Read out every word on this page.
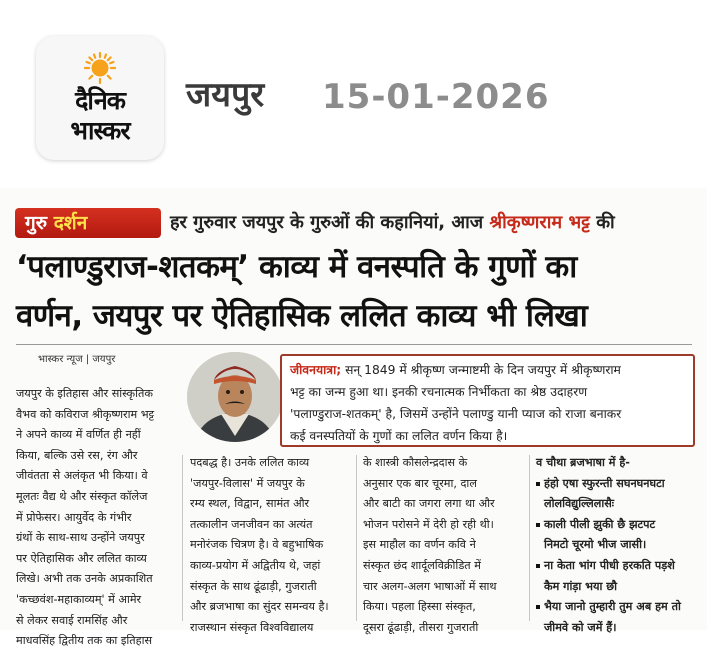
दैनिक
भास्कर
जयपुर 15-01-2026
गुरु दर्शन	हर गुरुवार जयपुर के गुरुओं की कहानियां, आज श्रीकृष्णराम भट्ट की
‘पलाण्डुराज-शतकम्’ काव्य में वनस्पति के गुणों का
वर्णन, जयपुर पर ऐतिहासिक ललित काव्य भी लिखा
भास्कर न्यूज | जयपुर
जीवनयात्रा; सन् 1849 में श्रीकृष्ण जन्माष्टमी के दिन जयपुर में श्रीकृष्णराम
भट्ट का जन्म हुआ था। इनकी रचनात्मक निर्भीकता का श्रेष्ठ उदाहरण
'पलाण्डुराज-शतकम्' है, जिसमें उन्होंने पलाण्डु यानी प्याज को राजा बनाकर
कई वनस्पतियों के गुणों का ललित वर्णन किया है।
जयपुर के इतिहास और सांस्कृतिक
वैभव को कविराज श्रीकृष्णराम भट्ट
ने अपने काव्य में वर्णित ही नहीं
किया, बल्कि उसे रस, रंग और
जीवंतता से अलंकृत भी किया। वे
मूलतः वैद्य थे और संस्कृत कॉलेज
में प्रोफेसर। आयुर्वेद के गंभीर
ग्रंथों के साथ-साथ उन्होंने जयपुर
पर ऐतिहासिक और ललित काव्य
लिखे। अभी तक उनके अप्रकाशित
'कच्छवंश-महाकाव्यम्' में आमेर
से लेकर सवाई रामसिंह और
माधवसिंह द्वितीय तक का इतिहास
पदबद्ध है। उनके ललित काव्य
'जयपुर-विलास' में जयपुर के
रम्य स्थल, विद्वान, सामंत और
तत्कालीन जनजीवन का अत्यंत
मनोरंजक चित्रण है। वे बहुभाषिक
काव्य-प्रयोग में अद्वितीय थे, जहां
संस्कृत के साथ ढूंढाड़ी, गुजराती
और ब्रजभाषा का सुंदर समन्वय है।
राजस्थान संस्कृत विश्वविद्यालय
के शास्त्री कौसलेन्द्रदास के
अनुसार एक बार चूरमा, दाल
और बाटी का जगरा लगा था और
भोजन परोसने में देरी हो रही थी।
इस माहौल का वर्णन कवि ने
संस्कृत छंद शार्दूलविक्रीडित में
चार अलग-अलग भाषाओं में साथ
किया। पहला हिस्सा संस्कृत,
दूसरा ढूंढाड़ी, तीसरा गुजराती
व चौथा ब्रजभाषा में है-
हंहो एषा स्फुरन्ती सघनघनघटा
लोलविद्युल्लिलासैः
काली पीली झुकी छै झटपट
निमटो चूरमो भीज जासी।
ना केता भांग पीधी हरकति पड़शे
कैम गांड़ा भया छौ
भैया जानो तुम्हारी तुम अब हम तो
जीमवे को जमें हैं।
